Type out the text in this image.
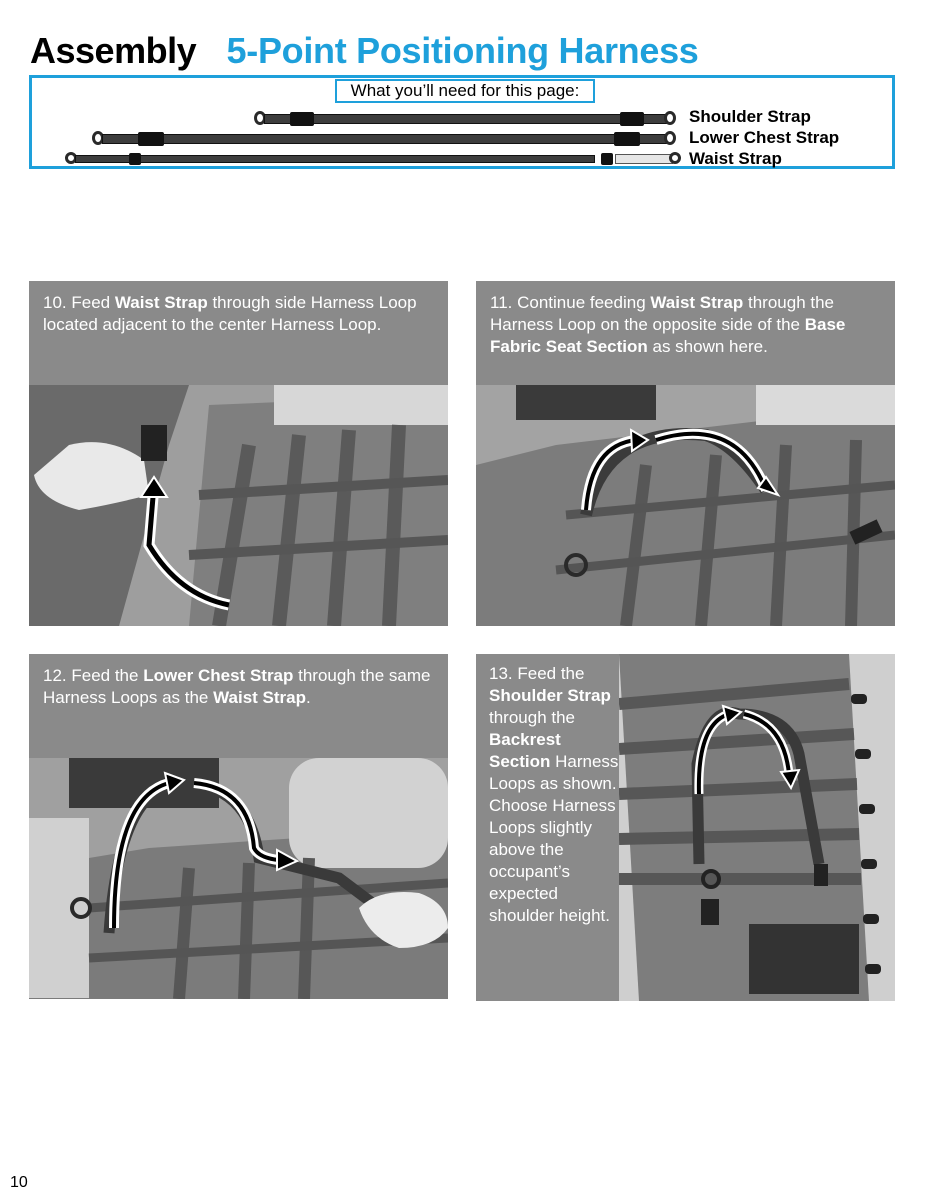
Assembly 5-Point Positioning Harness
What you’ll need for this page:
Shoulder Strap
Lower Chest Strap
Waist Strap
10. Feed Waist Strap through side Harness Loop located adjacent to the center Harness Loop.
11. Continue feeding Waist Strap through the Harness Loop on the opposite side of the Base Fabric Seat Section as shown here.
12. Feed the Lower Chest Strap through the same Harness Loops as the Waist Strap.
13. Feed the Shoulder Strap through the Backrest Section Harness Loops as shown. Choose Harness Loops slightly above the occupant’s expected shoulder height.
10
